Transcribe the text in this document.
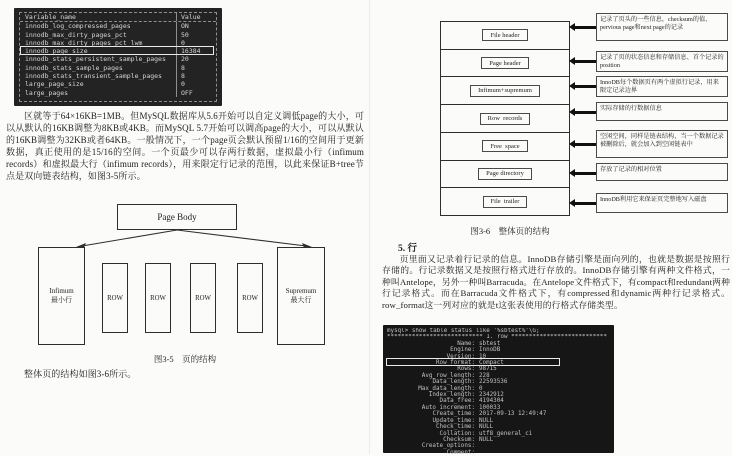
Variable_name	Value
innodb_log_compressed_pages	ON
innodb_max_dirty_pages_pct	50
innodb_max_dirty_pages_pct_lwm	0
innodb_page_size	16384
innodb_stats_persistent_sample_pages	20
innodb_stats_sample_pages	8
innodb_stats_transient_sample_pages	8
large_page_size	0
large_pages	OFF
区就等于64×16KB=1MB。但MySQL数据库从5.6开始可以自定义调低page的大小，可以从默认的16KB调整为8KB或4KB。而MySQL 5.7开始可以调高page的大小，可以从默认的16KB调整为32KB或者64KB。一般情况下，一个page页会默认预留1/16的空间用于更新数据，真正使用的是15/16的空间。一个页最少可以存两行数据，虚拟最小行（infimum records）和虚拟最大行（infimum records），用来限定行记录的范围，以此来保证B+tree节点是双向链表结构，如图3-5所示。
Page Body
Infimum
最小行	ROW	ROW	ROW	ROW
Supremum
最大行
图3-5　页的结构
整体页的结构如图3-6所示。
File header
Page header
Infimum+supremum
Row  records
Free  space
Page directory
File  trailer
记录了页头的一些信息，checksum的值、pervious page和next page的记录
记录了页的状态信息和存储信息、首个记录的position
InnoDB每个数据页有两个虚拟行记录，用来限定记录边界
实际存储的行数据信息
空闲空间，同样是链表结构，当一个数据记录被删除后，就会加入到空闲链表中
存放了记录的相对位置
InnoDB利用它来保证页完整地写入磁盘
图3-6　整体页的结构
5. 行
页里面又记录着行记录的信息。InnoDB存储引擎是面向列的，也就是数据是按照行存储的。行记录数据又是按照行格式进行存放的。InnoDB存储引擎有两种文件格式，一种叫Antelope，另外一种叫Barracuda。在Antelope文件格式下，有compact和redundant两种行记录格式。而在Barracuda文件格式下，有compressed和dynamic两种行记录格式。row_format这一列对应的就是t这张表使用的行格式存储类型。
mysql> show table status like '%sbtest%'\G;
*************************** 1. row ***************************
Name: sbtest
Engine: InnoDB
Version: 10
Row_format: Compact
Rows: 98715
Avg_row_length: 228
Data_length: 22593536
Max_data_length: 0
Index_length: 2342912
Data_free: 4194304
Auto_increment: 100033
Create_time: 2017-09-13 12:49:47
Update_time: NULL
Check_time: NULL
Collation: utf8_general_ci
Checksum: NULL
Create_options:
Comment:
